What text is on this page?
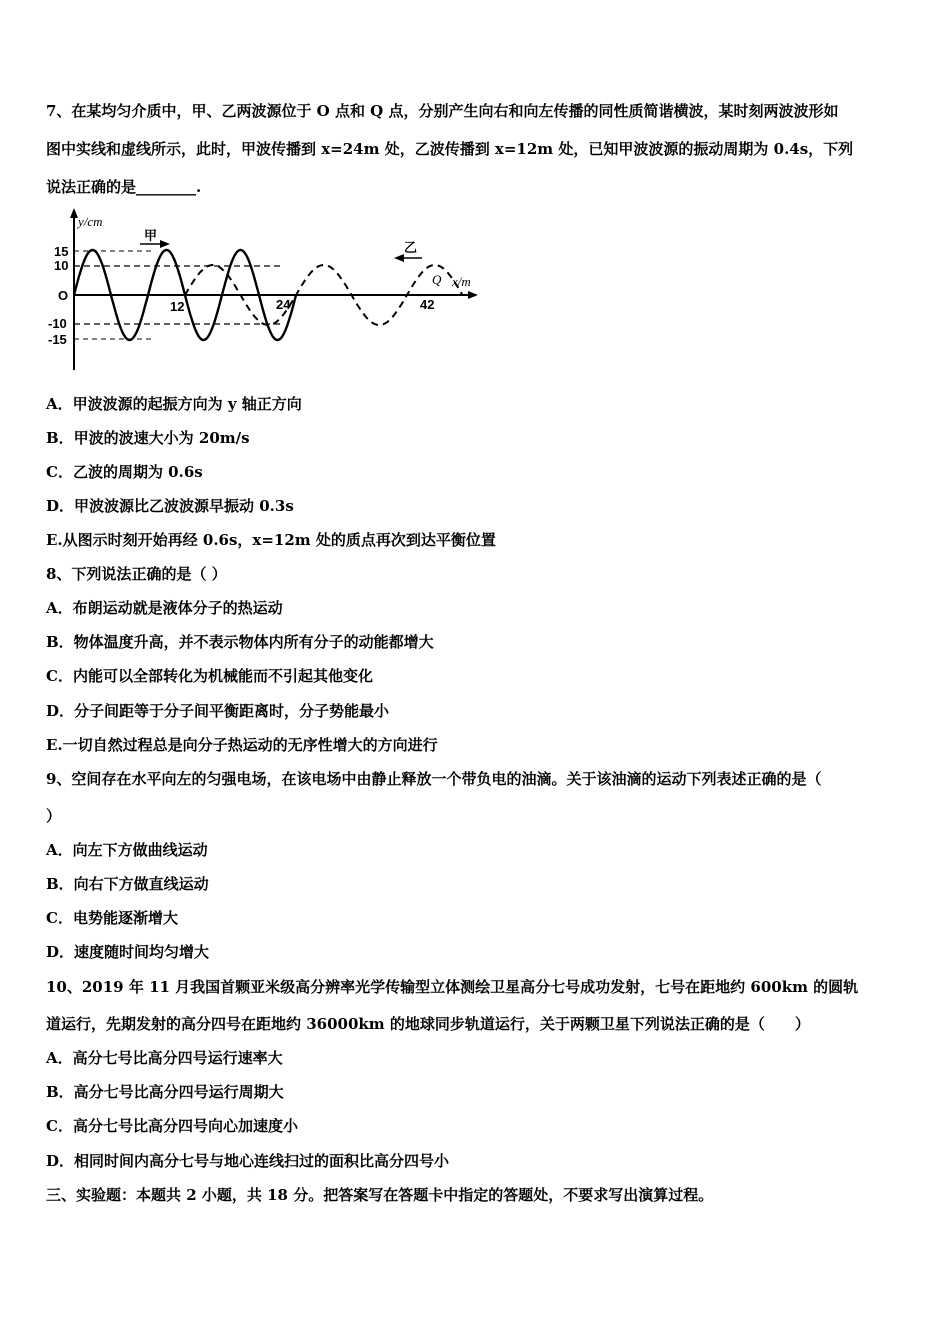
7、在某均匀介质中，甲、乙两波源位于 O 点和 Q 点，分别产生向右和向左传播的同性质简谐横波，某时刻两波波形如
图中实线和虚线所示，此时，甲波传播到 x=24m 处，乙波传播到 x=12m 处，已知甲波波源的振动周期为 0.4s，下列
说法正确的是________.
y/cm
x/m
甲
乙
Q
O
15
10
-10
-15
12	24	42
A．甲波波源的起振方向为 y 轴正方向
B．甲波的波速大小为 20m/s
C．乙波的周期为 0.6s
D．甲波波源比乙波波源早振动 0.3s
E.从图示时刻开始再经 0.6s，x=12m 处的质点再次到达平衡位置
8、下列说法正确的是（ ）
A．布朗运动就是液体分子的热运动
B．物体温度升高，并不表示物体内所有分子的动能都增大
C．内能可以全部转化为机械能而不引起其他变化
D．分子间距等于分子间平衡距离时，分子势能最小
E.一切自然过程总是向分子热运动的无序性增大的方向进行
9、空间存在水平向左的匀强电场，在该电场中由静止释放一个带负电的油滴。关于该油滴的运动下列表述正确的是（
）
A．向左下方做曲线运动
B．向右下方做直线运动
C．电势能逐渐增大
D．速度随时间均匀增大
10、2019 年 11 月我国首颗亚米级高分辨率光学传输型立体测绘卫星高分七号成功发射，七号在距地约 600km 的圆轨
道运行，先期发射的高分四号在距地约 36000km 的地球同步轨道运行，关于两颗卫星下列说法正确的是（　　）
A．高分七号比高分四号运行速率大
B．高分七号比高分四号运行周期大
C．高分七号比高分四号向心加速度小
D．相同时间内高分七号与地心连线扫过的面积比高分四号小
三、实验题：本题共 2 小题，共 18 分。把答案写在答题卡中指定的答题处，不要求写出演算过程。
